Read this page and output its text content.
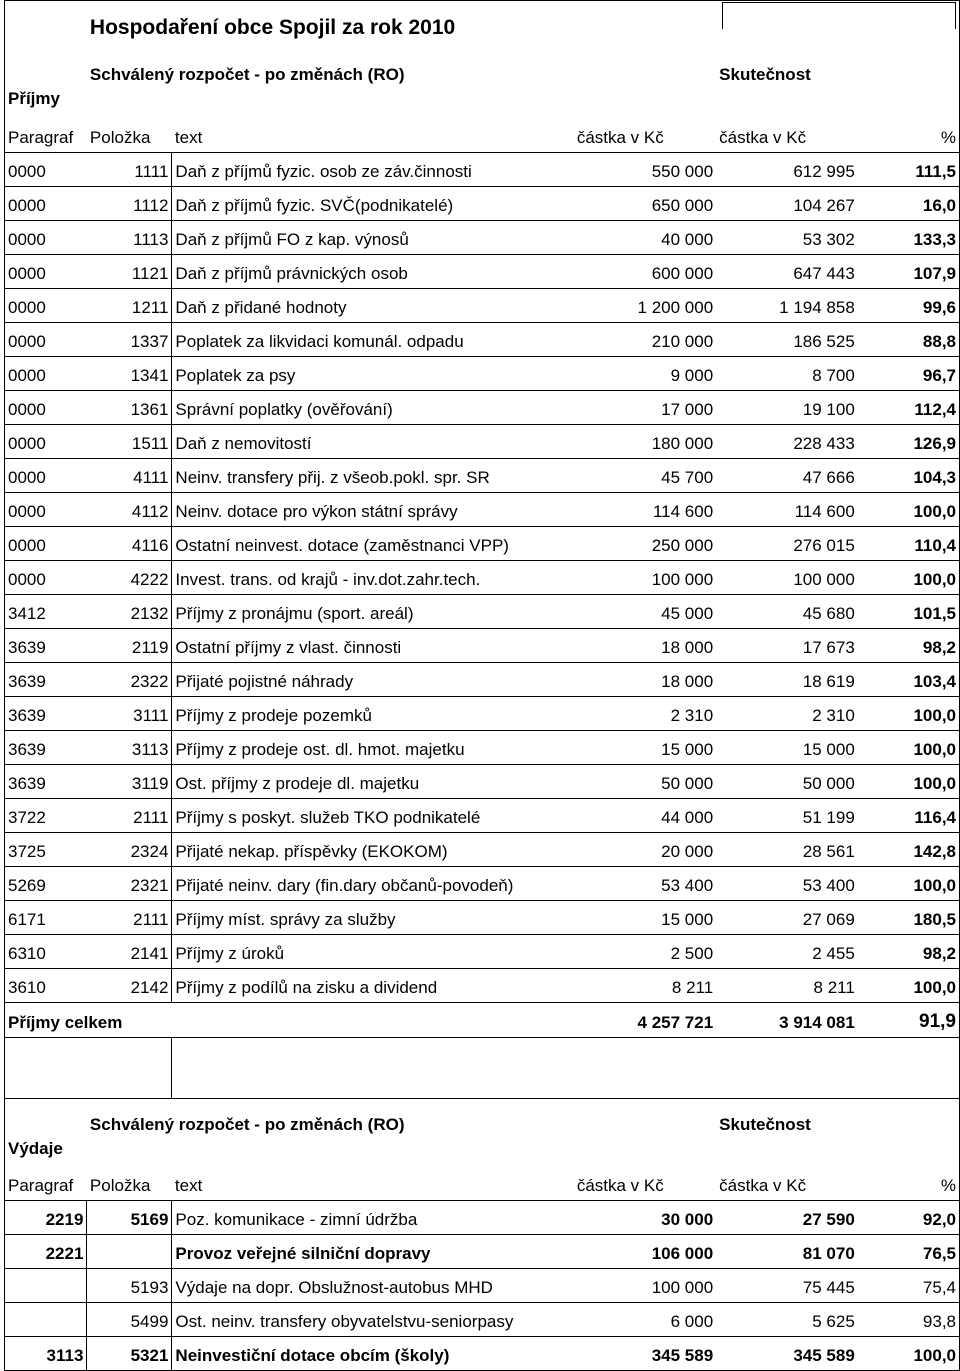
	Hospodaření obce Spojil za rok 2010				
	Schválený rozpočet - po změnách (RO)			Skutečnost	
Příjmy					
Paragraf	Položka	text	částka v Kč	částka v Kč	%
0000	1111	Daň z příjmů fyzic. osob ze záv.činnosti	550 000	612 995	111,5
0000	1112	Daň z příjmů fyzic. SVČ(podnikatelé)	650 000	104 267	16,0
0000	1113	Daň z příjmů FO z kap. výnosů	40 000	53 302	133,3
0000	1121	Daň z příjmů právnických osob	600 000	647 443	107,9
0000	1211	Daň z přidané hodnoty	1 200 000	1 194 858	99,6
0000	1337	Poplatek za likvidaci komunál. odpadu	210 000	186 525	88,8
0000	1341	Poplatek za psy	9 000	8 700	96,7
0000	1361	Správní poplatky (ověřování)	17 000	19 100	112,4
0000	1511	Daň z nemovitostí	180 000	228 433	126,9
0000	4111	Neinv. transfery přij. z všeob.pokl. spr. SR	45 700	47 666	104,3
0000	4112	Neinv. dotace pro výkon státní správy	114 600	114 600	100,0
0000	4116	Ostatní neinvest. dotace (zaměstnanci VPP)	250 000	276 015	110,4
0000	4222	Invest. trans. od krajů - inv.dot.zahr.tech.	100 000	100 000	100,0
3412	2132	Příjmy z pronájmu (sport. areál)	45 000	45 680	101,5
3639	2119	Ostatní příjmy z vlast. činnosti	18 000	17 673	98,2
3639	2322	Přijaté pojistné náhrady	18 000	18 619	103,4
3639	3111	Příjmy z prodeje pozemků	2 310	2 310	100,0
3639	3113	Příjmy z prodeje ost. dl. hmot. majetku	15 000	15 000	100,0
3639	3119	Ost. příjmy z prodeje dl. majetku	50 000	50 000	100,0
3722	2111	Příjmy s poskyt. služeb TKO podnikatelé	44 000	51 199	116,4
3725	2324	Přijaté nekap. příspěvky (EKOKOM)	20 000	28 561	142,8
5269	2321	Přijaté neinv. dary (fin.dary občanů-povodeň)	53 400	53 400	100,0
6171	2111	Příjmy míst. správy za služby	15 000	27 069	180,5
6310	2141	Příjmy z úroků	2 500	2 455	98,2
3610	2142	Příjmy z podílů na zisku a dividend	8 211	8 211	100,0
Příjmy celkem			4 257 721	3 914 081	91,9

	Schválený rozpočet - po změnách (RO)			Skutečnost	
Výdaje					
Paragraf	Položka	text	částka v Kč	částka v Kč	%
2219	5169	Poz. komunikace - zimní údržba	30 000	27 590	92,0
2221		Provoz veřejné silniční dopravy	106 000	81 070	76,5
	5193	Výdaje na dopr. Obslužnost-autobus MHD	100 000	75 445	75,4
	5499	Ost. neinv. transfery obyvatelstvu-seniorpasy	6 000	5 625	93,8
3113	5321	Neinvestiční dotace obcím (školy)	345 589	345 589	100,0
